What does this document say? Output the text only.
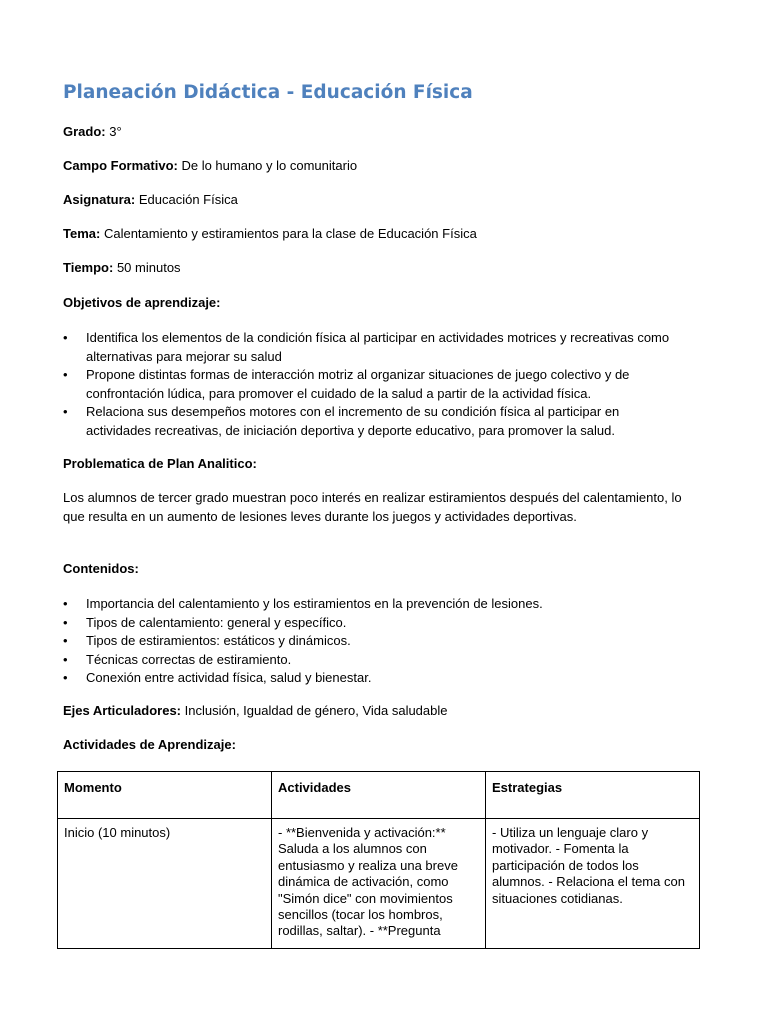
Planeación Didáctica - Educación Física

Grado: 3°

Campo Formativo: De lo humano y lo comunitario

Asignatura: Educación Física

Tema: Calentamiento y estiramientos para la clase de Educación Física

Tiempo: 50 minutos

Objetivos de aprendizaje:

• Identifica los elementos de la condición física al participar en actividades motrices y recreativas como alternativas para mejorar su salud
• Propone distintas formas de interacción motriz al organizar situaciones de juego colectivo y de confrontación lúdica, para promover el cuidado de la salud a partir de la actividad física.
• Relaciona sus desempeños motores con el incremento de su condición física al participar en actividades recreativas, de iniciación deportiva y deporte educativo, para promover la salud.

Problematica de Plan Analitico:

Los alumnos de tercer grado muestran poco interés en realizar estiramientos después del calentamiento, lo que resulta en un aumento de lesiones leves durante los juegos y actividades deportivas.

Contenidos:

• Importancia del calentamiento y los estiramientos en la prevención de lesiones.
• Tipos de calentamiento: general y específico.
• Tipos de estiramientos: estáticos y dinámicos.
• Técnicas correctas de estiramiento.
• Conexión entre actividad física, salud y bienestar.

Ejes Articuladores: Inclusión, Igualdad de género, Vida saludable

Actividades de Aprendizaje:

Momento	Actividades	Estrategias

Inicio (10 minutos)	- **Bienvenida y activación:** Saluda a los alumnos con entusiasmo y realiza una breve dinámica de activación, como "Simón dice" con movimientos sencillos (tocar los hombros, rodillas, saltar). - **Pregunta	- Utiliza un lenguaje claro y motivador. - Fomenta la participación de todos los alumnos. - Relaciona el tema con situaciones cotidianas.
